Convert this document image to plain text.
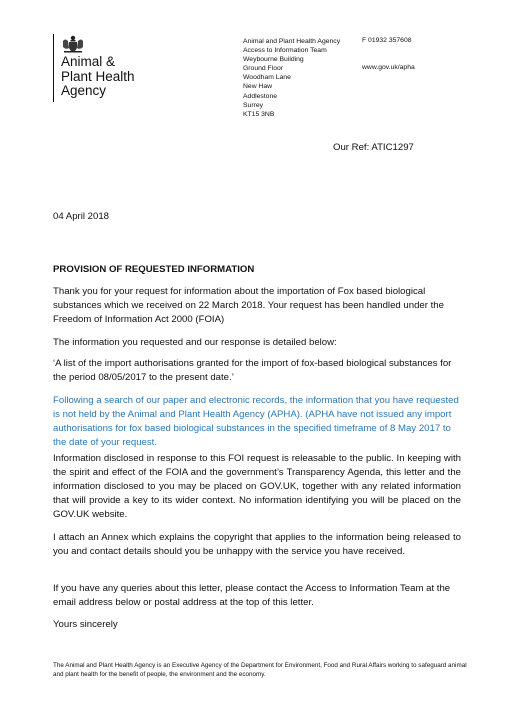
Animal &
Plant Health
Agency
Animal and Plant Health Agency
Access to Information Team
Weybourne Building
Ground Floor
Woodham Lane
New Haw
Addlestone
Surrey
KT15 3NB
F 01932 357608
www.gov.uk/apha
Our Ref: ATIC1297
04 April 2018
PROVISION OF REQUESTED INFORMATION

Thank you for your request for information about the importation of Fox based biological substances which we received on 22 March 2018. Your request has been handled under the Freedom of Information Act 2000 (FOIA)

The information you requested and our response is detailed below:

‘A list of the import authorisations granted for the import of fox-based biological substances for the period 08/05/2017 to the present date.’

Following a search of our paper and electronic records, the information that you have requested is not held by the Animal and Plant Health Agency (APHA). (APHA have not issued any import authorisations for fox based biological substances in the specified timeframe of 8 May 2017 to the date of your request.

Information disclosed in response to this FOI request is releasable to the public. In keeping with the spirit and effect of the FOIA and the government’s Transparency Agenda, this letter and the information disclosed to you may be placed on GOV.UK, together with any related information that will provide a key to its wider context. No information identifying you will be placed on the GOV.UK website.

I attach an Annex which explains the copyright that applies to the information being released to you and contact details should you be unhappy with the service you have received.

If you have any queries about this letter, please contact the Access to Information Team at the email address below or postal address at the top of this letter.

Yours sincerely

The Animal and Plant Health Agency is an Executive Agency of the Department for Environment, Food and Rural Affairs working to safeguard animal and plant health for the benefit of people, the environment and the economy.
